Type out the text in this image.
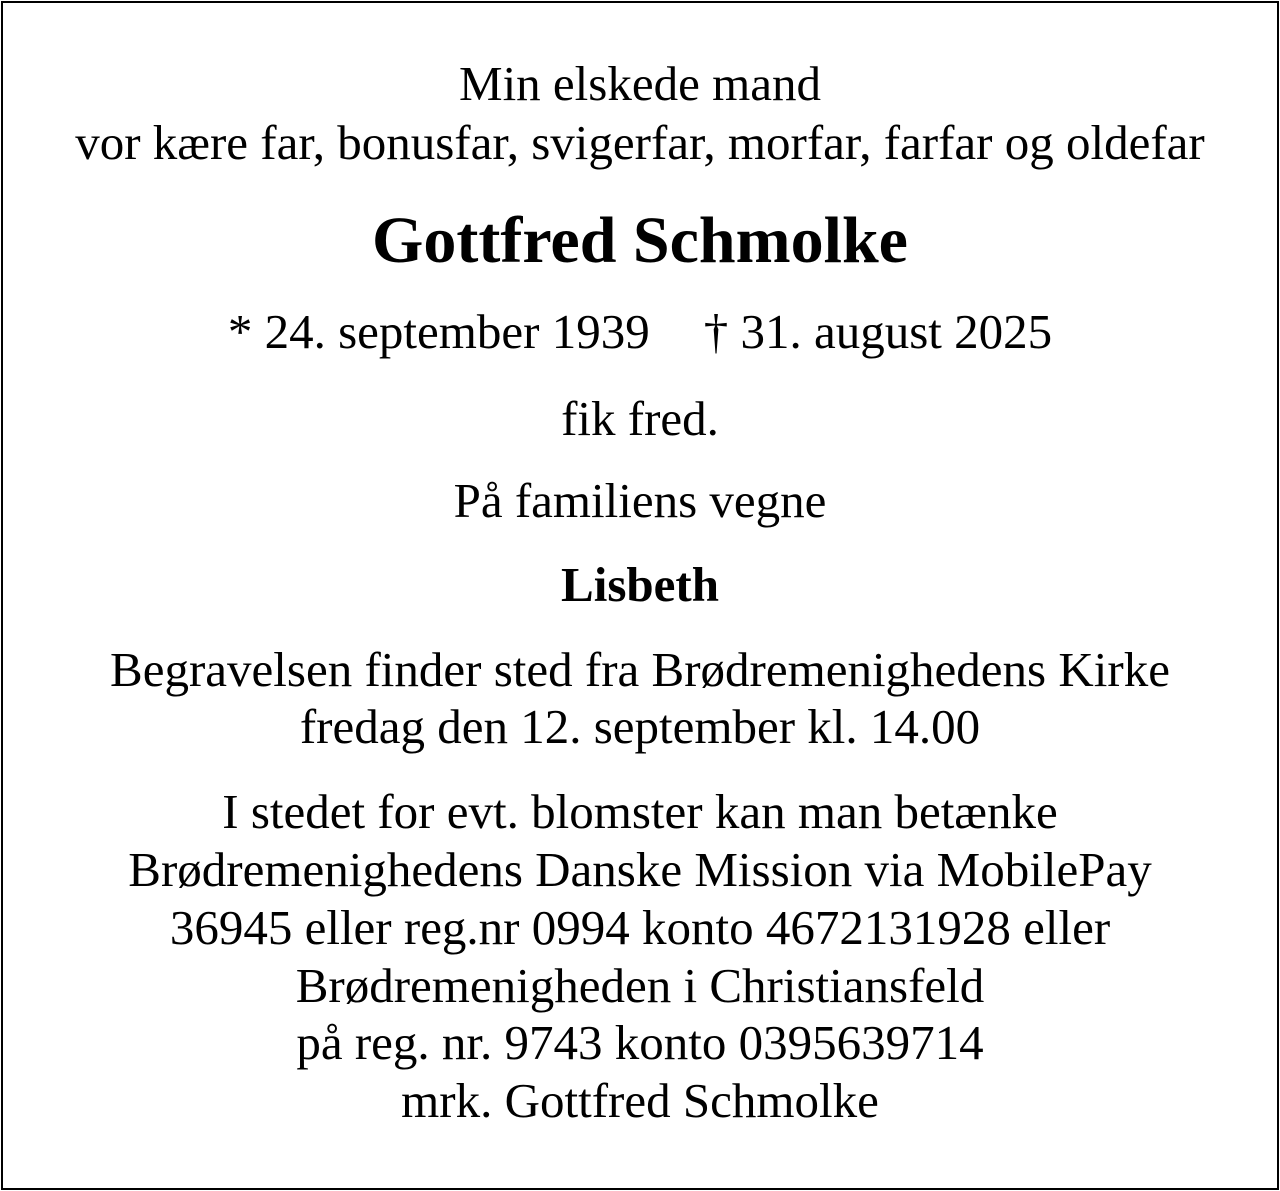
Min elskede mand
vor kære far, bonusfar, svigerfar, morfar, farfar og oldefar
Gottfred Schmolke
* 24. september 1939 † 31. august 2025
fik fred.
På familiens vegne
Lisbeth
Begravelsen finder sted fra Brødremenighedens Kirke
fredag den 12. september kl. 14.00
I stedet for evt. blomster kan man betænke
Brødremenighedens Danske Mission via MobilePay
36945 eller reg.nr 0994 konto 4672131928 eller
Brødremenigheden i Christiansfeld
på reg. nr. 9743 konto 0395639714
mrk. Gottfred Schmolke
